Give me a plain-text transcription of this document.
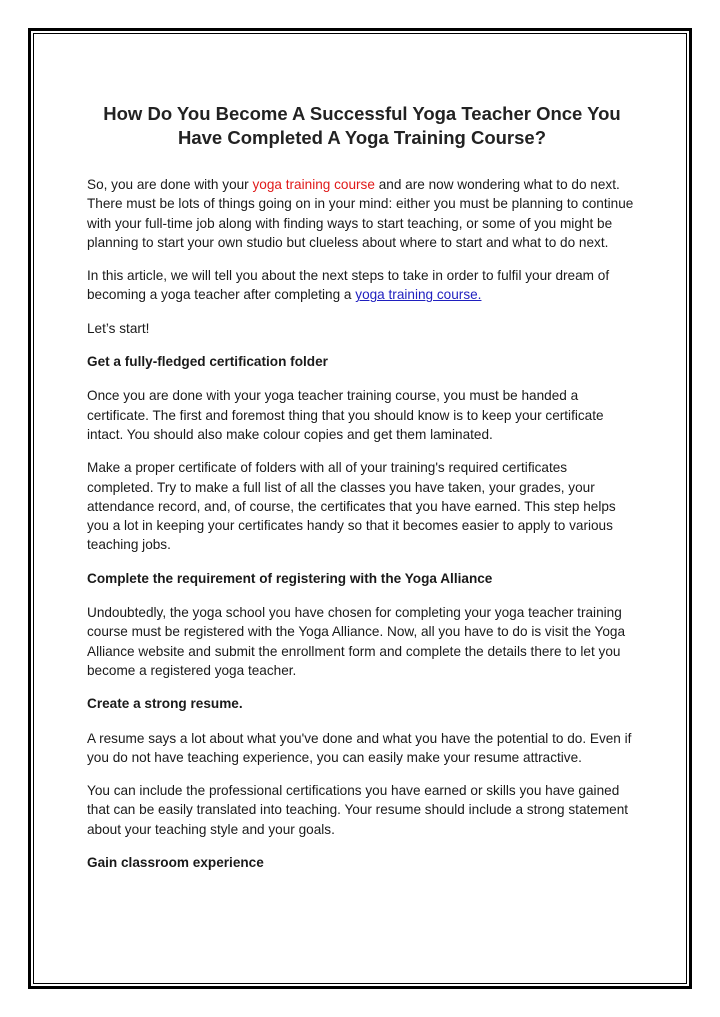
How Do You Become A Successful Yoga Teacher Once You Have Completed A Yoga Training Course?

So, you are done with your yoga training course and are now wondering what to do next. There must be lots of things going on in your mind: either you must be planning to continue with your full-time job along with finding ways to start teaching, or some of you might be planning to start your own studio but clueless about where to start and what to do next.

In this article, we will tell you about the next steps to take in order to fulfil your dream of becoming a yoga teacher after completing a yoga training course.

Let’s start!

Get a fully-fledged certification folder

Once you are done with your yoga teacher training course, you must be handed a certificate. The first and foremost thing that you should know is to keep your certificate intact. You should also make colour copies and get them laminated.

Make a proper certificate of folders with all of your training's required certificates completed. Try to make a full list of all the classes you have taken, your grades, your attendance record, and, of course, the certificates that you have earned. This step helps you a lot in keeping your certificates handy so that it becomes easier to apply to various teaching jobs.

Complete the requirement of registering with the Yoga Alliance

Undoubtedly, the yoga school you have chosen for completing your yoga teacher training course must be registered with the Yoga Alliance. Now, all you have to do is visit the Yoga Alliance website and submit the enrollment form and complete the details there to let you become a registered yoga teacher.

Create a strong resume.

A resume says a lot about what you've done and what you have the potential to do. Even if you do not have teaching experience, you can easily make your resume attractive.

You can include the professional certifications you have earned or skills you have gained that can be easily translated into teaching. Your resume should include a strong statement about your teaching style and your goals.

Gain classroom experience
